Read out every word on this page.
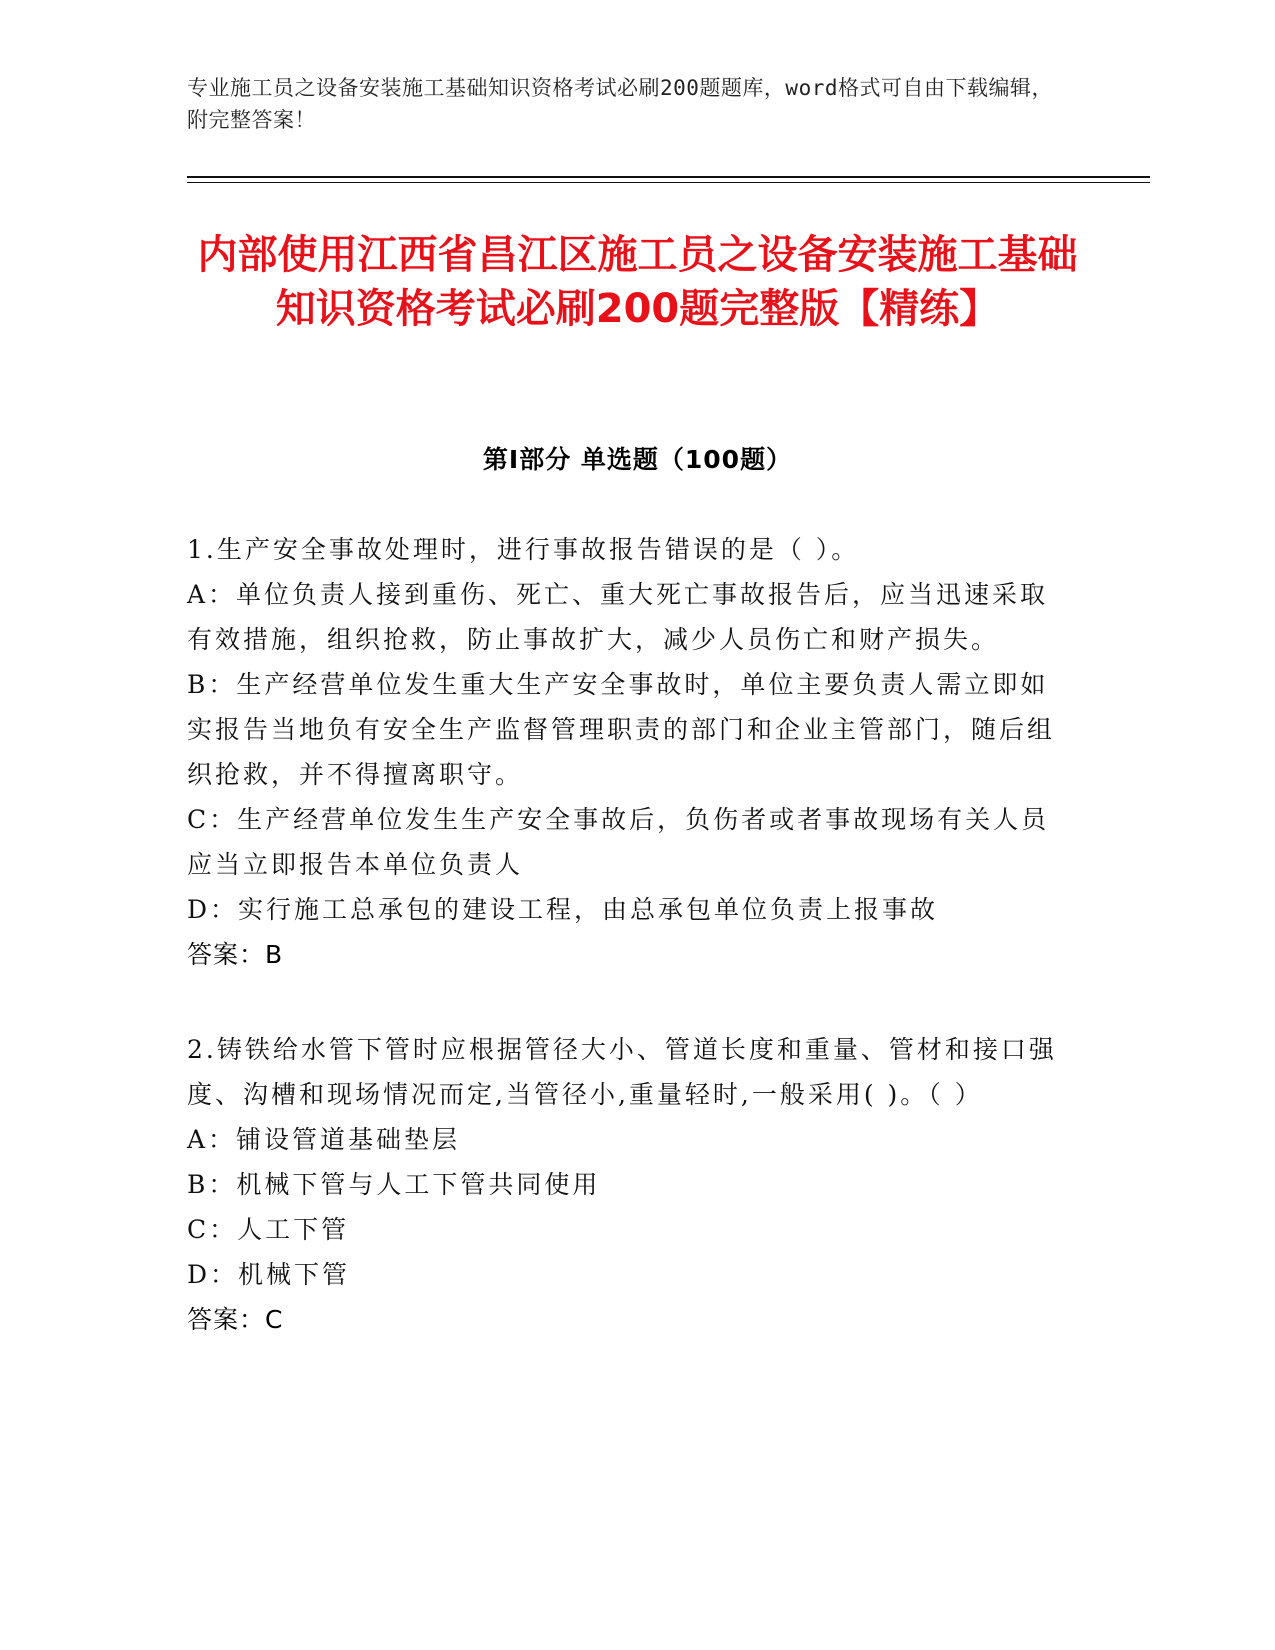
专业施工员之设备安装施工基础知识资格考试必刷200题题库，word格式可自由下载编辑，附完整答案！
内部使用江西省昌江区施工员之设备安装施工基础知识资格考试必刷200题完整版【精练】
第I部分 单选题（100题）
1.生产安全事故处理时，进行事故报告错误的是（ ）。
A：单位负责人接到重伤、死亡、重大死亡事故报告后，应当迅速采取有效措施，组织抢救，防止事故扩大，减少人员伤亡和财产损失。
B：生产经营单位发生重大生产安全事故时，单位主要负责人需立即如实报告当地负有安全生产监督管理职责的部门和企业主管部门，随后组织抢救，并不得擅离职守。
C：生产经营单位发生生产安全事故后，负伤者或者事故现场有关人员应当立即报告本单位负责人
D：实行施工总承包的建设工程，由总承包单位负责上报事故
答案：B
2.铸铁给水管下管时应根据管径大小、管道长度和重量、管材和接口强度、沟槽和现场情况而定,当管径小,重量轻时,一般采用( )。（ ）
A：铺设管道基础垫层
B：机械下管与人工下管共同使用
C：人工下管
D：机械下管
答案：C
